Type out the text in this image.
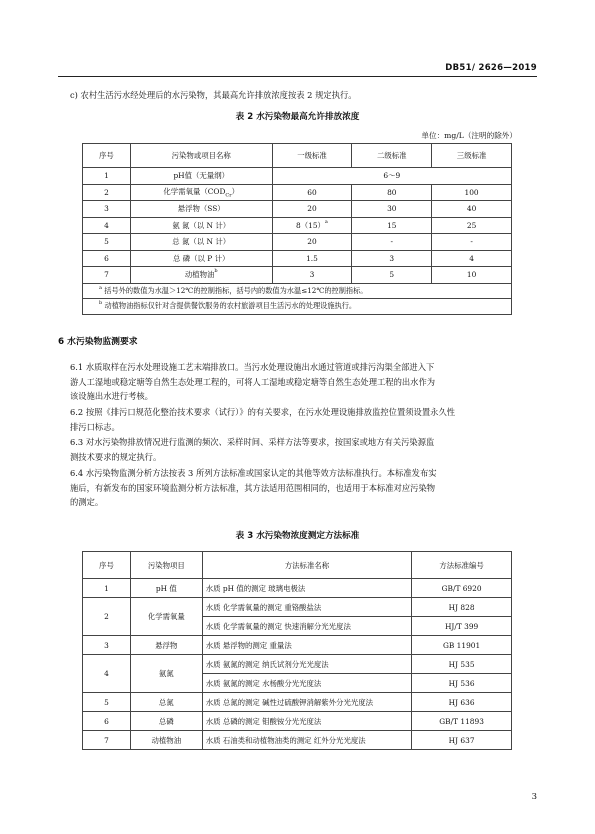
DB51/ 2626—2019
c) 农村生活污水经处理后的水污染物，其最高允许排放浓度按表 2 规定执行。
表 2 水污染物最高允许排放浓度
单位：mg/L（注明的除外）
序号	污染物或项目名称	一级标准	二级标准	三级标准
1	pH值（无量纲）	6～9		
2	化学需氧量$(COD_{Cr})$	60	80	100
3	悬浮物（SS）	20	30	40
4	氨 氮（以 N 计）	$8(15)^a$	15	25
5	总 氮（以 N 计）	20	-	-
6	总 磷（以 P 计）	1.5	3	4
7	动植物油$^b$	3	5	10
$^a$ 括号外的数值为水温＞12℃的控制指标，括号内的数值为水温≤12℃的控制指标。				
$^b$ 动植物油指标仅针对含提供餐饮服务的农村旅游项目生活污水的处理设施执行。				
6 水污染物监测要求
6.1 水质取样在污水处理设施工艺末端排放口。当污水处理设施出水通过管道或排污沟渠全部进入下
游人工湿地或稳定塘等自然生态处理工程的，可将人工湿地或稳定塘等自然生态处理工程的出水作为
该设施出水进行考核。
6.2 按照《排污口规范化整治技术要求（试行）》的有关要求，在污水处理设施排放监控位置须设置永久性
排污口标志。
6.3 对水污染物排放情况进行监测的频次、采样时间、采样方法等要求，按国家或地方有关污染源监
测技术要求的规定执行。
6.4 水污染物监测分析方法按表 3 所列方法标准或国家认定的其他等效方法标准执行。本标准发布实
施后，有新发布的国家环境监测分析方法标准，其方法适用范围相同的，也适用于本标准对应污染物
的测定。
表 3 水污染物浓度测定方法标准
序号	污染物项目	方法标准名称	方法标准编号
1	pH 值	水质 pH 值的测定 玻璃电极法	GB/T 6920
2	化学需氧量	水质 化学需氧量的测定 重铬酸盐法	HJ 828
		水质 化学需氧量的测定 快速消解分光光度法	HJ/T 399
3	悬浮物	水质 悬浮物的测定 重量法	GB 11901
4	氨氮	水质 氨氮的测定 纳氏试剂分光光度法	HJ 535
		水质 氨氮的测定 水杨酸分光光度法	HJ 536
5	总氮	水质 总氮的测定 碱性过硫酸钾消解紫外分光光度法	HJ 636
6	总磷	水质 总磷的测定 钼酸铵分光光度法	GB/T 11893
7	动植物油	水质 石油类和动植物油类的测定 红外分光光度法	HJ 637
3
